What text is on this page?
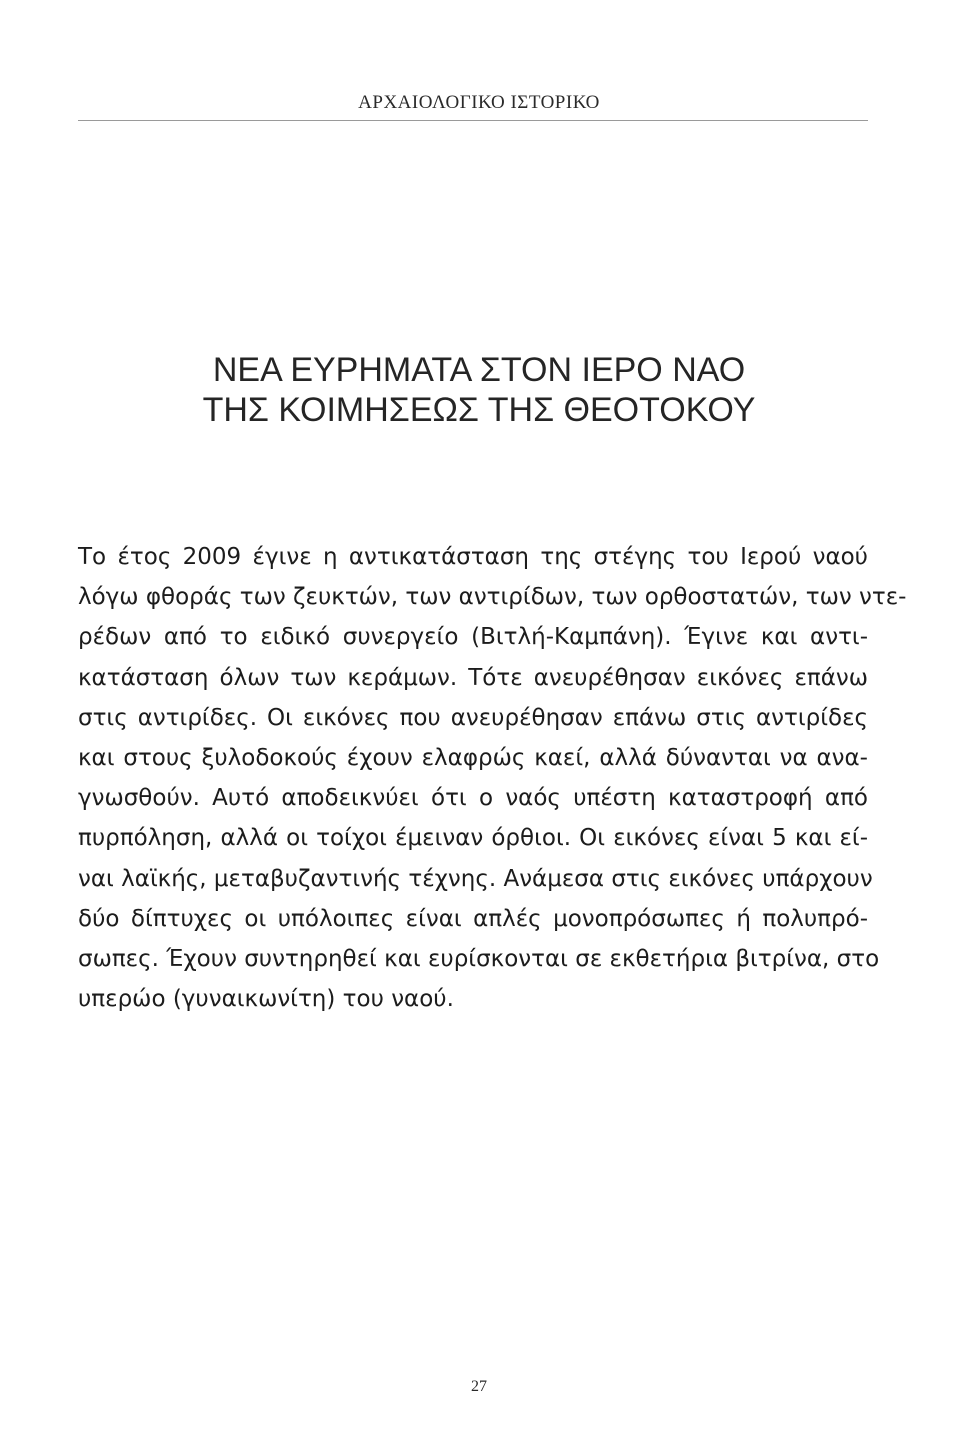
ΑΡΧΑΙΟΛΟΓΙΚΟ ΙΣΤΟΡΙΚΟ
ΝΕΑ ΕΥΡΗΜΑΤΑ ΣΤΟΝ ΙΕΡΟ ΝΑΟ
ΤΗΣ ΚΟΙΜΗΣΕΩΣ ΤΗΣ ΘΕΟΤΟΚΟΥ
Το έτος 2009 έγινε η αντικατάσταση της στέγης του Ιερού ναού
λόγω φθοράς των ζευκτών, των αντιρίδων, των ορθοστατών, των ντε-
ρέδων από το ειδικό συνεργείο (Βιτλή-Καμπάνη). Έγινε και αντι-
κατάσταση όλων των κεράμων. Τότε ανευρέθησαν εικόνες επάνω
στις αντιρίδες. Οι εικόνες που ανευρέθησαν επάνω στις αντιρίδες
και στους ξυλοδοκούς έχουν ελαφρώς καεί, αλλά δύνανται να ανα-
γνωσθούν. Αυτό αποδεικνύει ότι ο ναός υπέστη καταστροφή από
πυρπόληση, αλλά οι τοίχοι έμειναν όρθιοι. Οι εικόνες είναι 5 και εί-
ναι λαϊκής, μεταβυζαντινής τέχνης. Ανάμεσα στις εικόνες υπάρχουν
δύο δίπτυχες οι υπόλοιπες είναι απλές μονοπρόσωπες ή πολυπρό-
σωπες. Έχουν συντηρηθεί και ευρίσκονται σε εκθετήρια βιτρίνα, στο
υπερώο (γυναικωνίτη) του ναού.
27
